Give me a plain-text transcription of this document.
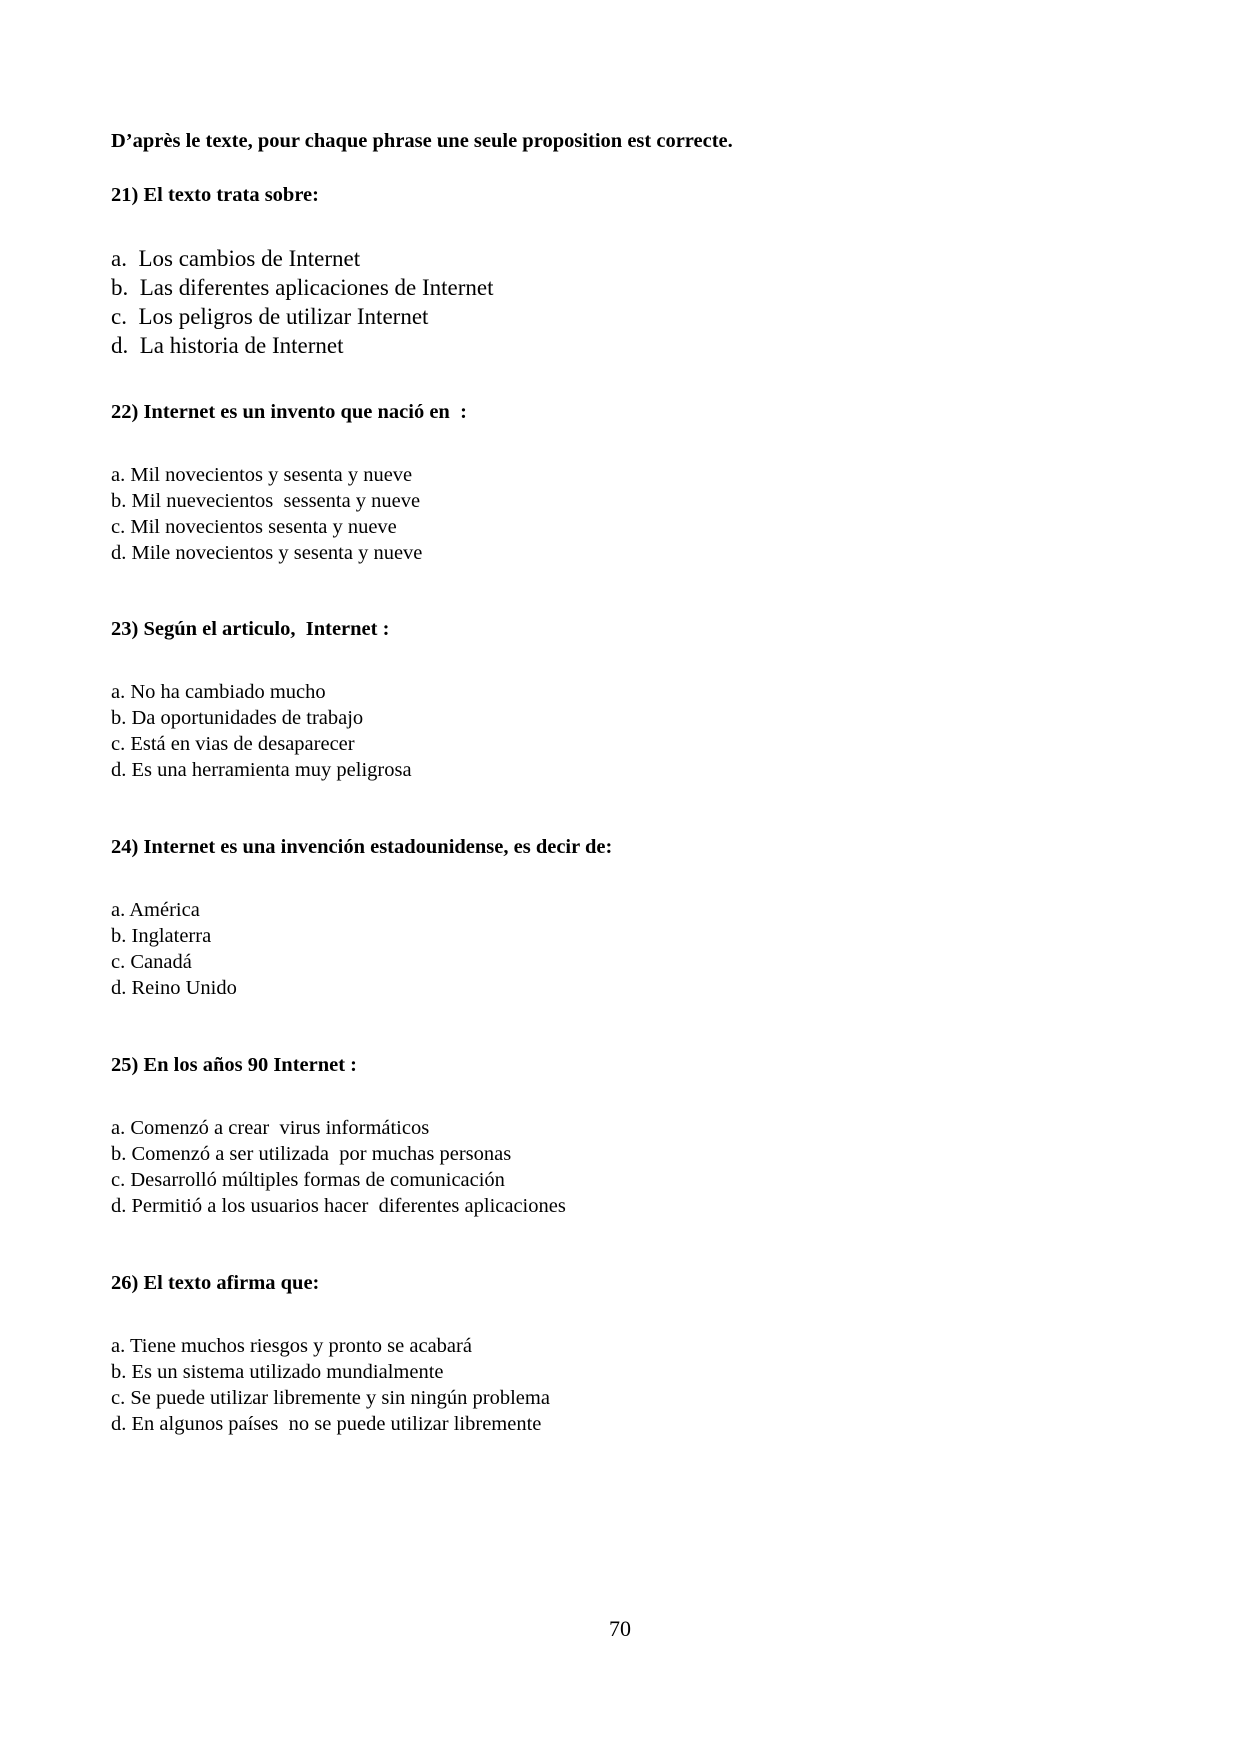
D’après le texte, pour chaque phrase une seule proposition est correcte.
21) El texto trata sobre:
a.  Los cambios de Internet
b.  Las diferentes aplicaciones de Internet
c.  Los peligros de utilizar Internet
d.  La historia de Internet
22) Internet es un invento que nació en  :
a. Mil novecientos y sesenta y nueve
b. Mil nuevecientos  sessenta y nueve
c. Mil novecientos sesenta y nueve
d. Mile novecientos y sesenta y nueve
23) Según el articulo,  Internet :
a. No ha cambiado mucho
b. Da oportunidades de trabajo
c. Está en vias de desaparecer
d. Es una herramienta muy peligrosa
24) Internet es una invención estadounidense, es decir de:
a. América
b. Inglaterra
c. Canadá
d. Reino Unido
25) En los años 90 Internet :
a. Comenzó a crear  virus informáticos
b. Comenzó a ser utilizada  por muchas personas
c. Desarrolló múltiples formas de comunicación
d. Permitió a los usuarios hacer  diferentes aplicaciones
26) El texto afirma que:
a. Tiene muchos riesgos y pronto se acabará
b. Es un sistema utilizado mundialmente
c. Se puede utilizar libremente y sin ningún problema
d. En algunos países  no se puede utilizar libremente
70
